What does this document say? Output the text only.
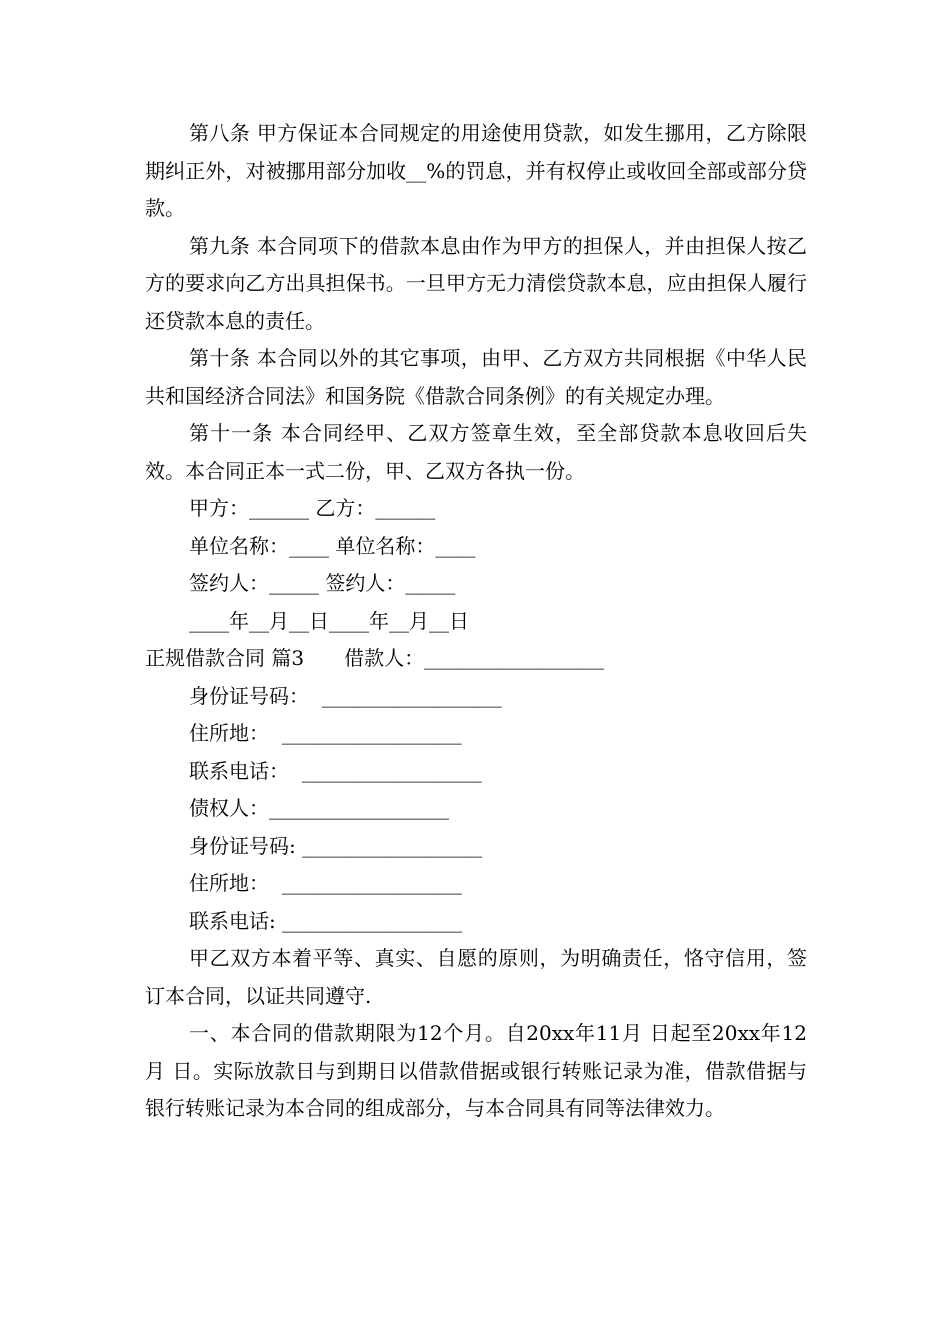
第八条 甲方保证本合同规定的用途使用贷款，如发生挪用，乙方除限期纠正外，对被挪用部分加收__%的罚息，并有权停止或收回全部或部分贷款。

第九条 本合同项下的借款本息由作为甲方的担保人，并由担保人按乙方的要求向乙方出具担保书。一旦甲方无力清偿贷款本息，应由担保人履行还贷款本息的责任。

第十条 本合同以外的其它事项，由甲、乙方双方共同根据《中华人民共和国经济合同法》和国务院《借款合同条例》的有关规定办理。

第十一条 本合同经甲、乙双方签章生效，至全部贷款本息收回后失效。本合同正本一式二份，甲、乙双方各执一份。

甲方：______ 乙方：______

单位名称：____ 单位名称：____

签约人：_____ 签约人：_____

____年__月__日____年__月__日

正规借款合同 篇3　　借款人：__________________

身份证号码：  __________________

住所地：  __________________

联系电话：  __________________

债权人：__________________

身份证号码: __________________

住所地：  __________________

联系电话: __________________

甲乙双方本着平等、真实、自愿的原则，为明确责任，恪守信用，签订本合同，以证共同遵守.

一、本合同的借款期限为12个月。自20xx年11月 日起至20xx年12月 日。实际放款日与到期日以借款借据或银行转账记录为准，借款借据与银行转账记录为本合同的组成部分，与本合同具有同等法律效力。
